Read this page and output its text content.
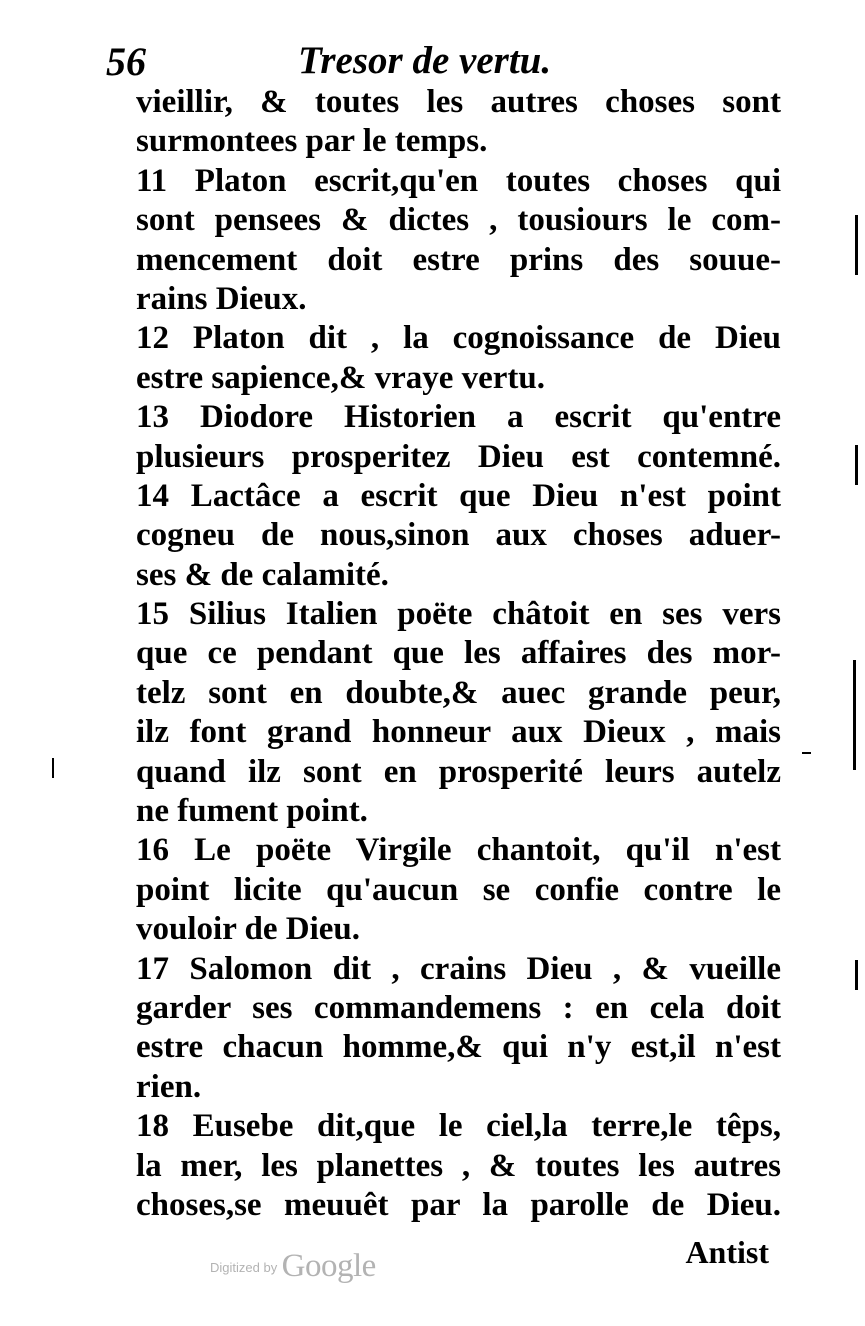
56	Tresor de vertu.
vieillir, & toutes les autres choses sont
surmontees par le temps.
11 Platon escrit,qu'en toutes choses qui
sont pensees & dictes , tousiours le com-
mencement doit estre prins des souue-
rains Dieux.
12 Platon dit , la cognoissance de Dieu
estre sapience,& vraye vertu.
13 Diodore Historien a escrit qu'entre
plusieurs prosperitez Dieu est contemné.
14 Lactâce a escrit que Dieu n'est point
cogneu de nous,sinon aux choses aduer-
ses & de calamité.
15 Silius Italien poëte châtoit en ses vers
que ce pendant que les affaires des mor-
telz sont en doubte,& auec grande peur,
ilz font grand honneur aux Dieux , mais
quand ilz sont en prosperité leurs autelz
ne fument point.
16 Le poëte Virgile chantoit, qu'il n'est
point licite qu'aucun se confie contre le
vouloir de Dieu.
17 Salomon dit , crains Dieu , & vueille
garder ses commandemens : en cela doit
estre chacun homme,& qui n'y est,il n'est
rien.
18 Eusebe dit,que le ciel,la terre,le têps,
la mer, les planettes , & toutes les autres
choses,se meuuêt par la parolle de Dieu.
Antist
$^{Digitized by}$ Google
